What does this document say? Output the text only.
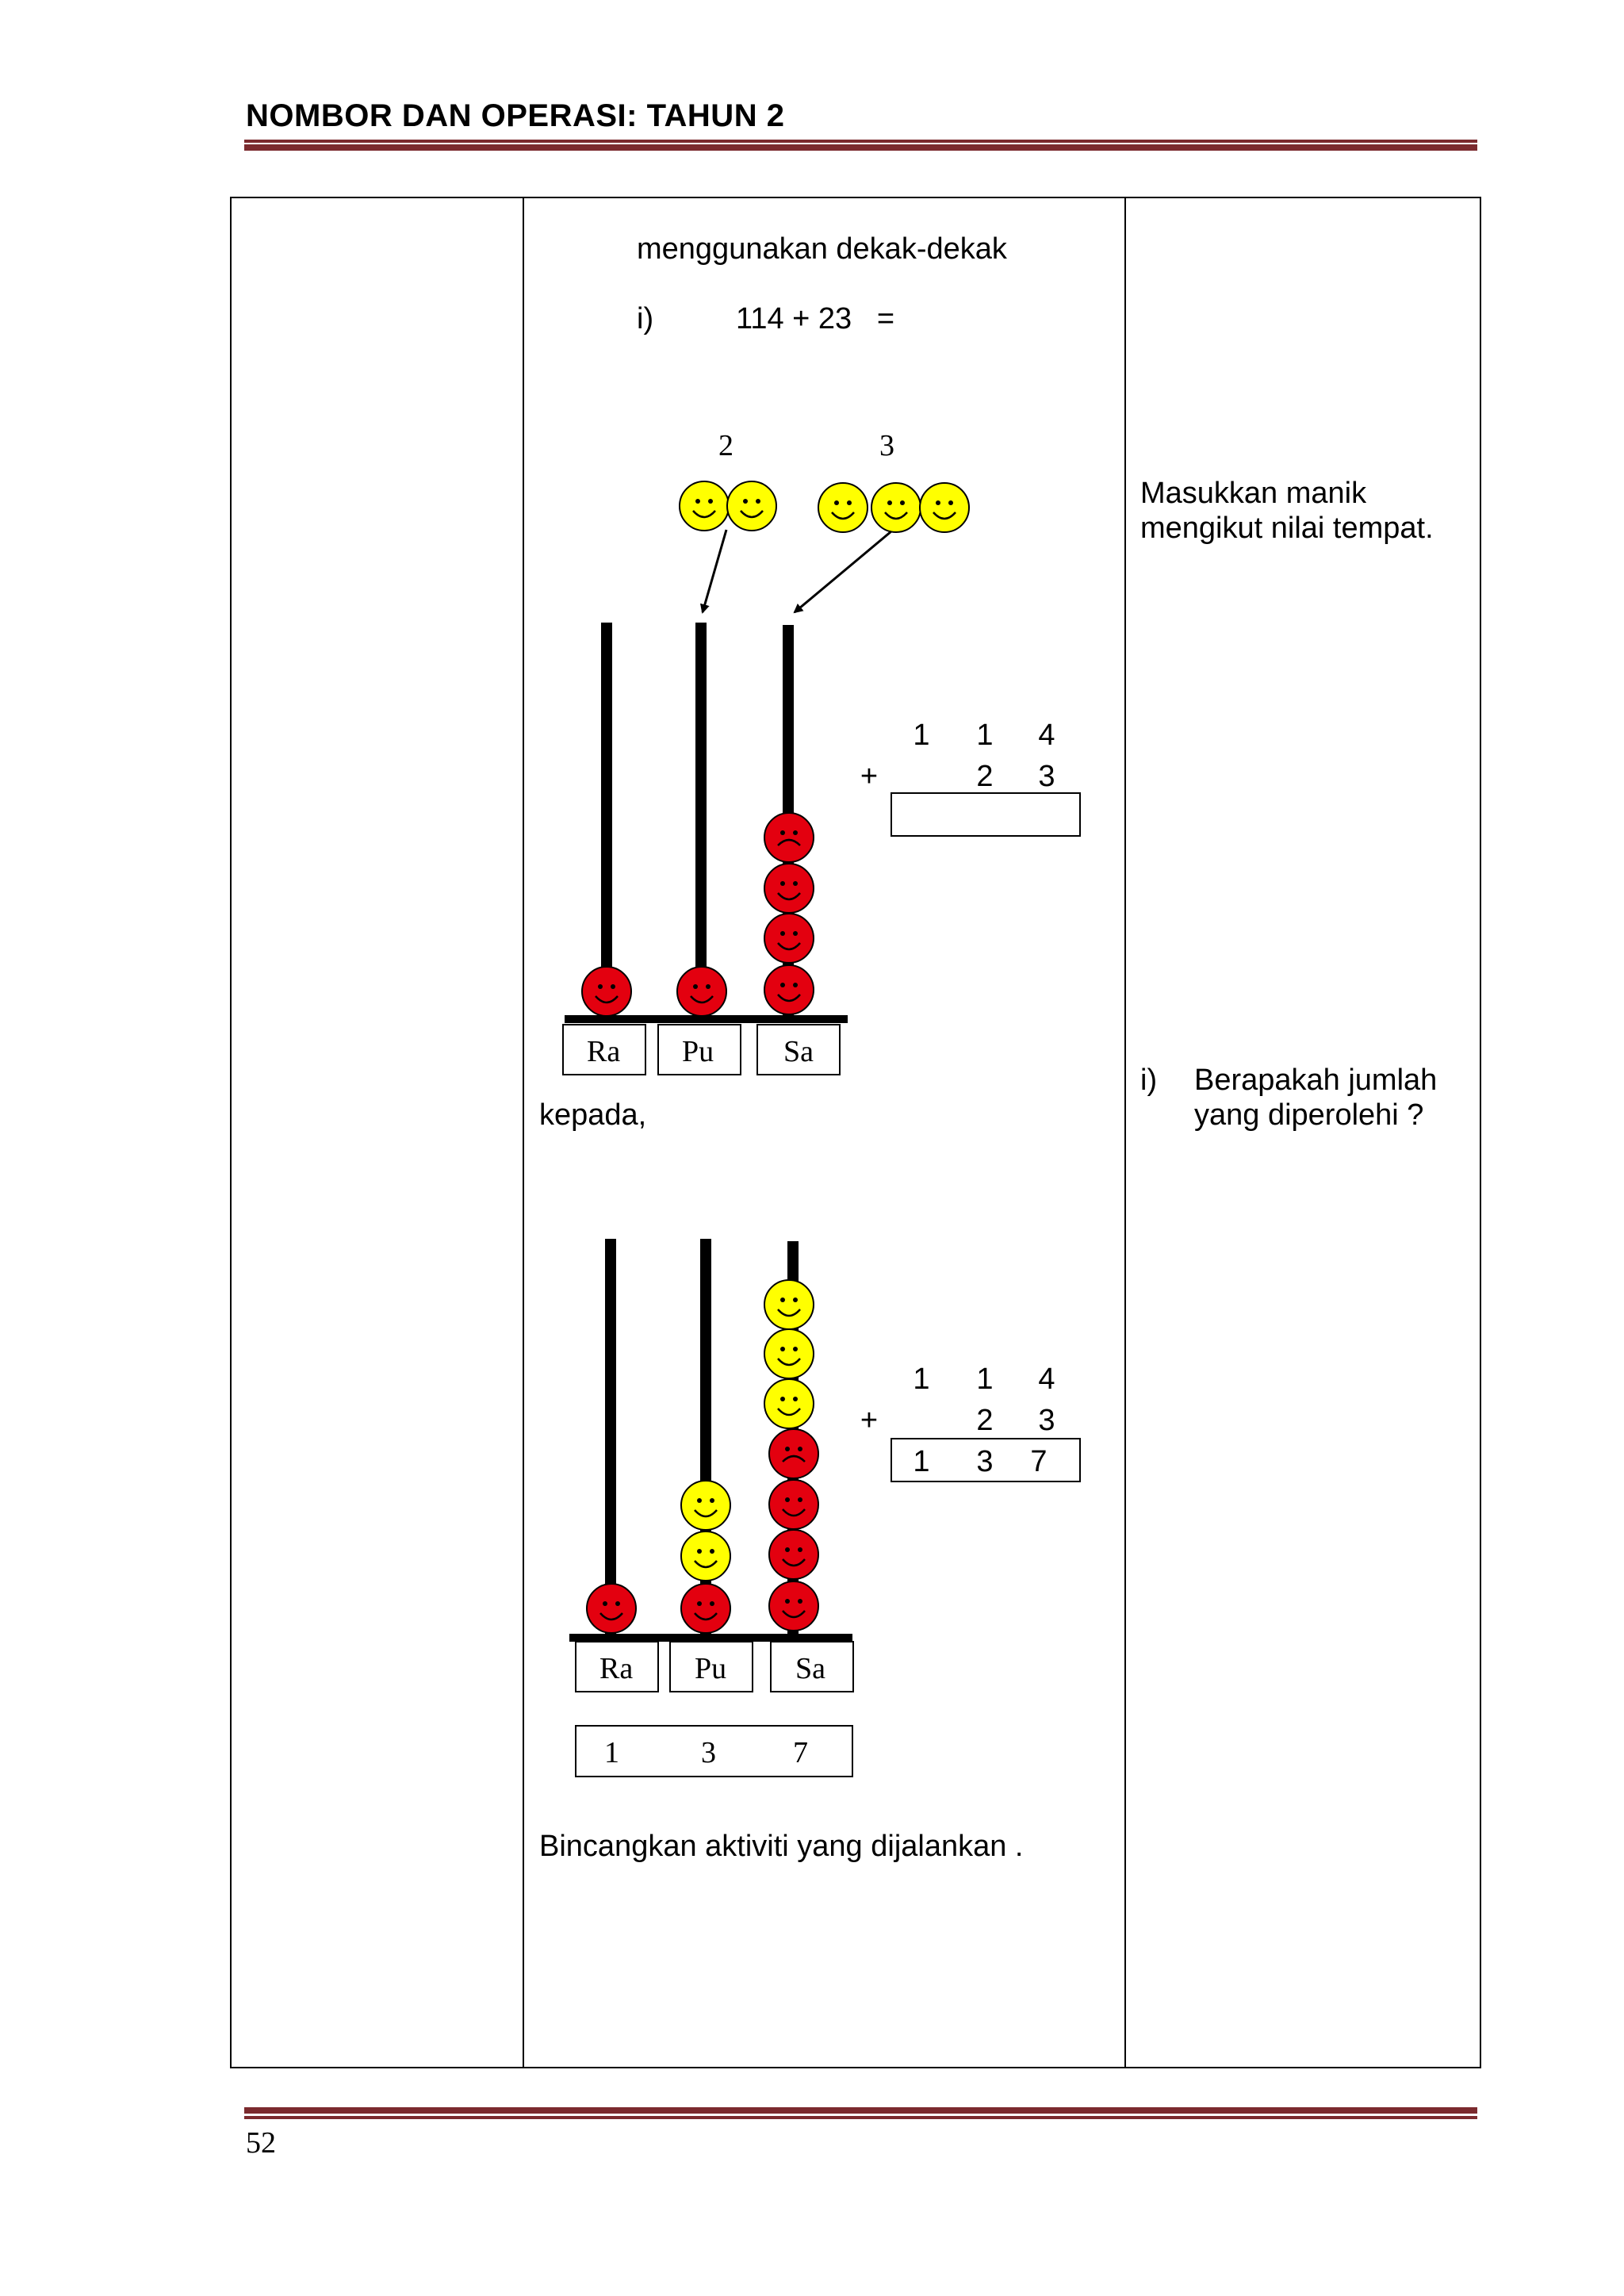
NOMBOR DAN OPERASI: TAHUN 2
menggunakan dekak-dekak
i)	114 + 23   =
2	3
Ra Pu Sa
1 1 4
+	2 3
kepada,
Ra Pu Sa
1	3	7
1 1 4
+	2 3
1 3 7
Bincangkan aktiviti yang dijalankan .
Masukkan manik
mengikut nilai tempat.
i) Berapakah jumlah
yang diperolehi ?
52
